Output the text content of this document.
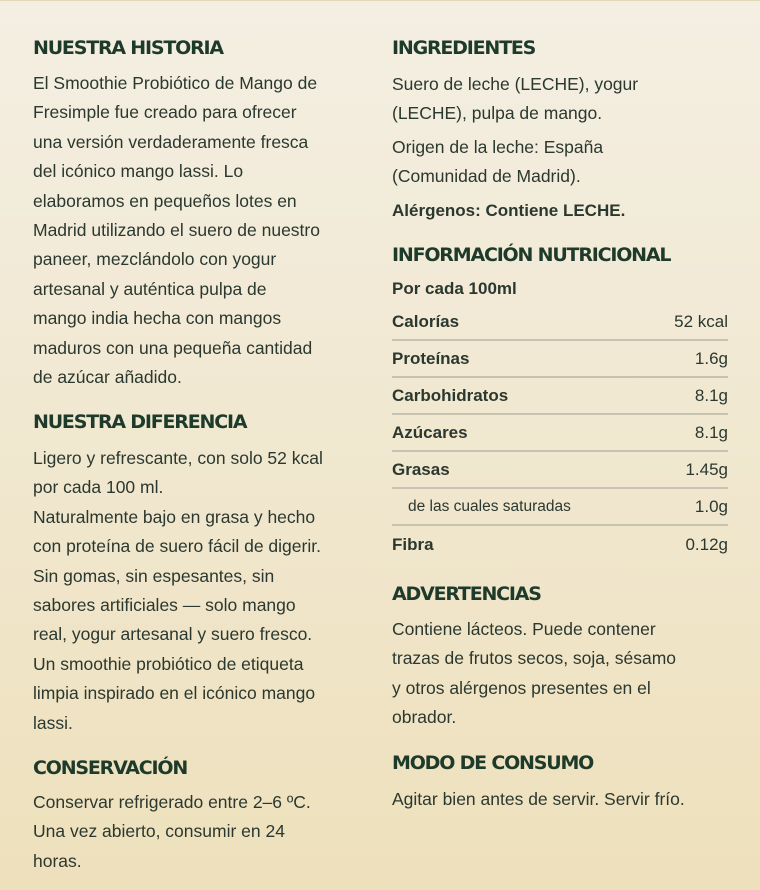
NUESTRA HISTORIA
El Smoothie Probiótico de Mango de
Fresimple fue creado para ofrecer
una versión verdaderamente fresca
del icónico mango lassi. Lo
elaboramos en pequeños lotes en
Madrid utilizando el suero de nuestro
paneer, mezclándolo con yogur
artesanal y auténtica pulpa de
mango india hecha con mangos
maduros con una pequeña cantidad
de azúcar añadido.
NUESTRA DIFERENCIA
Ligero y refrescante, con solo 52 kcal
por cada 100 ml.
Naturalmente bajo en grasa y hecho
con proteína de suero fácil de digerir.
Sin gomas, sin espesantes, sin
sabores artificiales — solo mango
real, yogur artesanal y suero fresco.
Un smoothie probiótico de etiqueta
limpia inspirado en el icónico mango
lassi.
CONSERVACIÓN
Conservar refrigerado entre 2–6 ºC.
Una vez abierto, consumir en 24
horas.
INGREDIENTES
Suero de leche (LECHE), yogur
(LECHE), pulpa de mango.
Origen de la leche: España
(Comunidad de Madrid).
Alérgenos: Contiene LECHE.
INFORMACIÓN NUTRICIONAL
Por cada 100ml
Calorías	52 kcal
Proteínas	1.6g
Carbohidratos	8.1g
Azúcares	8.1g
Grasas	1.45g
de las cuales saturadas	1.0g
Fibra	0.12g
ADVERTENCIAS
Contiene lácteos. Puede contener
trazas de frutos secos, soja, sésamo
y otros alérgenos presentes en el
obrador.
MODO DE CONSUMO
Agitar bien antes de servir. Servir frío.
